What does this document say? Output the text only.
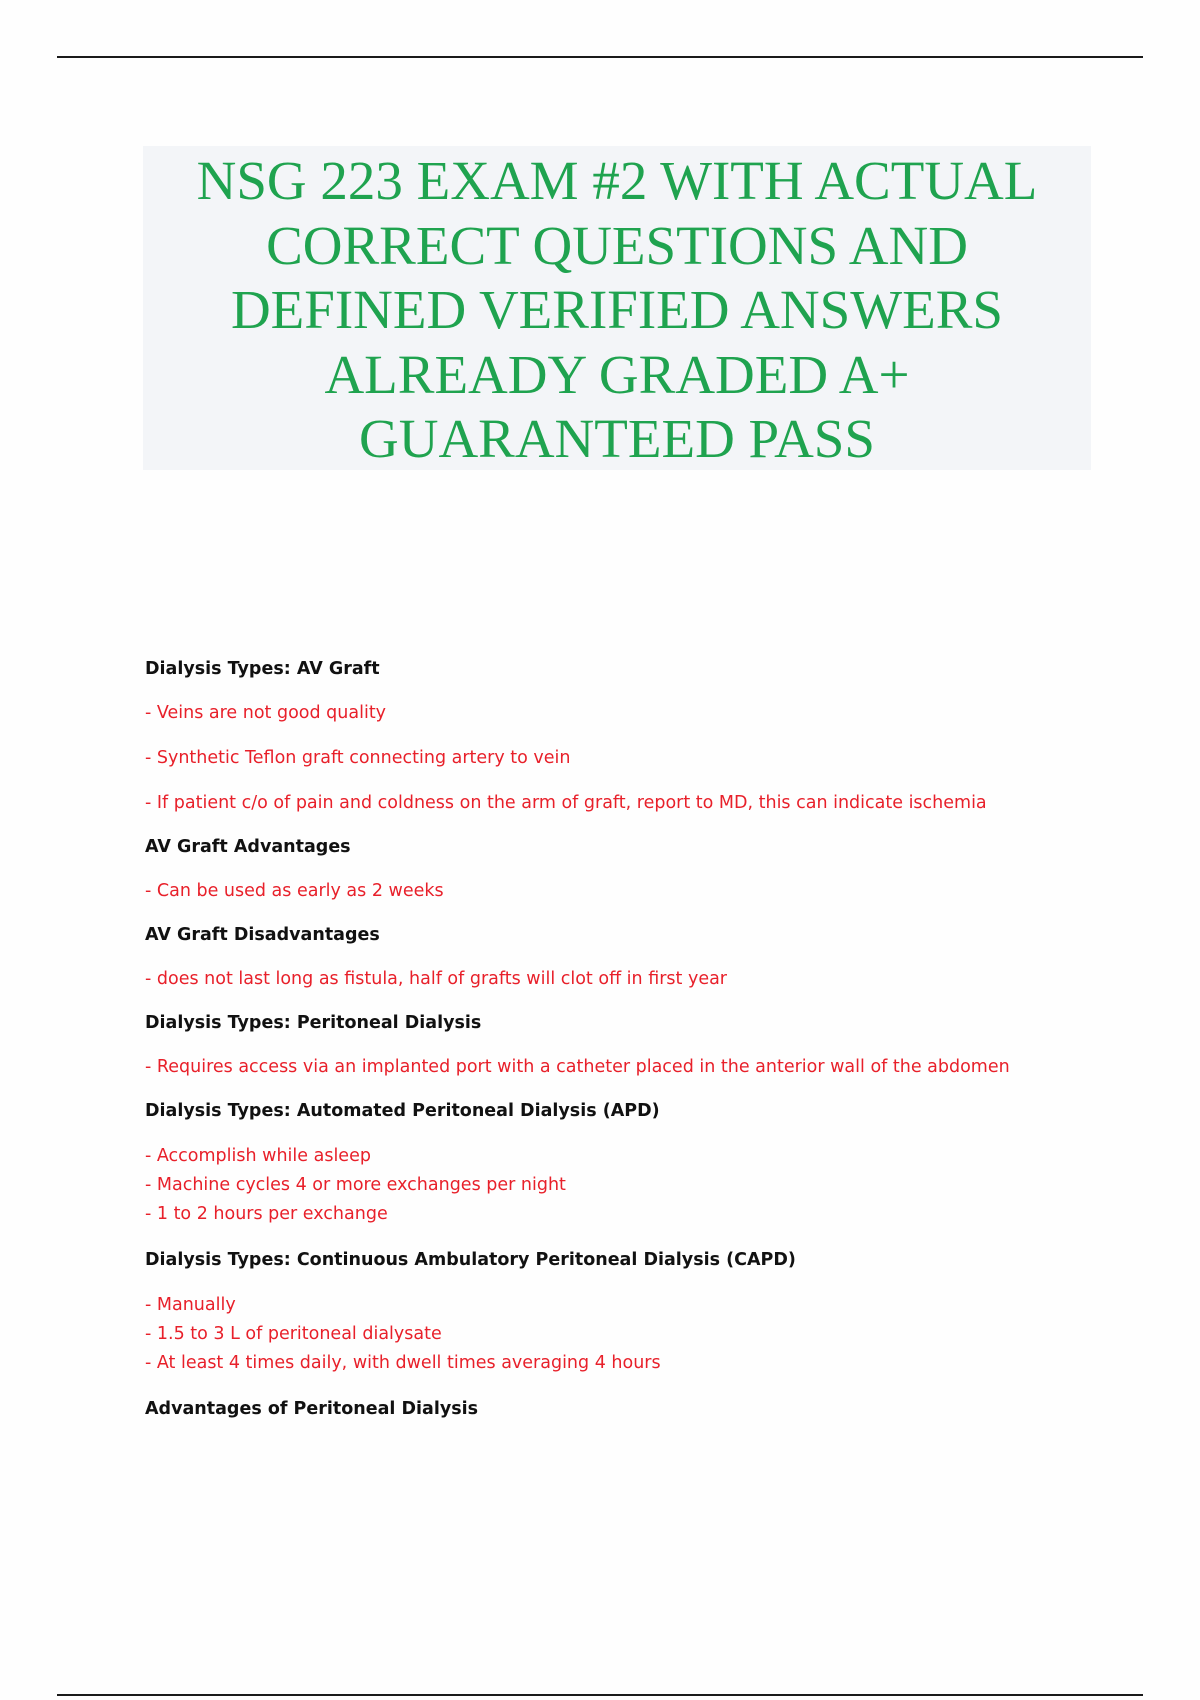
NSG 223 EXAM #2 WITH ACTUAL
CORRECT QUESTIONS AND
DEFINED VERIFIED ANSWERS
ALREADY GRADED A+
GUARANTEED PASS
Dialysis Types: AV Graft
- Veins are not good quality
- Synthetic Teflon graft connecting artery to vein
- If patient c/o of pain and coldness on the arm of graft, report to MD, this can indicate ischemia
AV Graft Advantages
- Can be used as early as 2 weeks
AV Graft Disadvantages
- does not last long as fistula, half of grafts will clot off in first year
Dialysis Types: Peritoneal Dialysis
- Requires access via an implanted port with a catheter placed in the anterior wall of the abdomen
Dialysis Types: Automated Peritoneal Dialysis (APD)
- Accomplish while asleep
- Machine cycles 4 or more exchanges per night
- 1 to 2 hours per exchange
Dialysis Types: Continuous Ambulatory Peritoneal Dialysis (CAPD)
- Manually
- 1.5 to 3 L of peritoneal dialysate
- At least 4 times daily, with dwell times averaging 4 hours
Advantages of Peritoneal Dialysis
